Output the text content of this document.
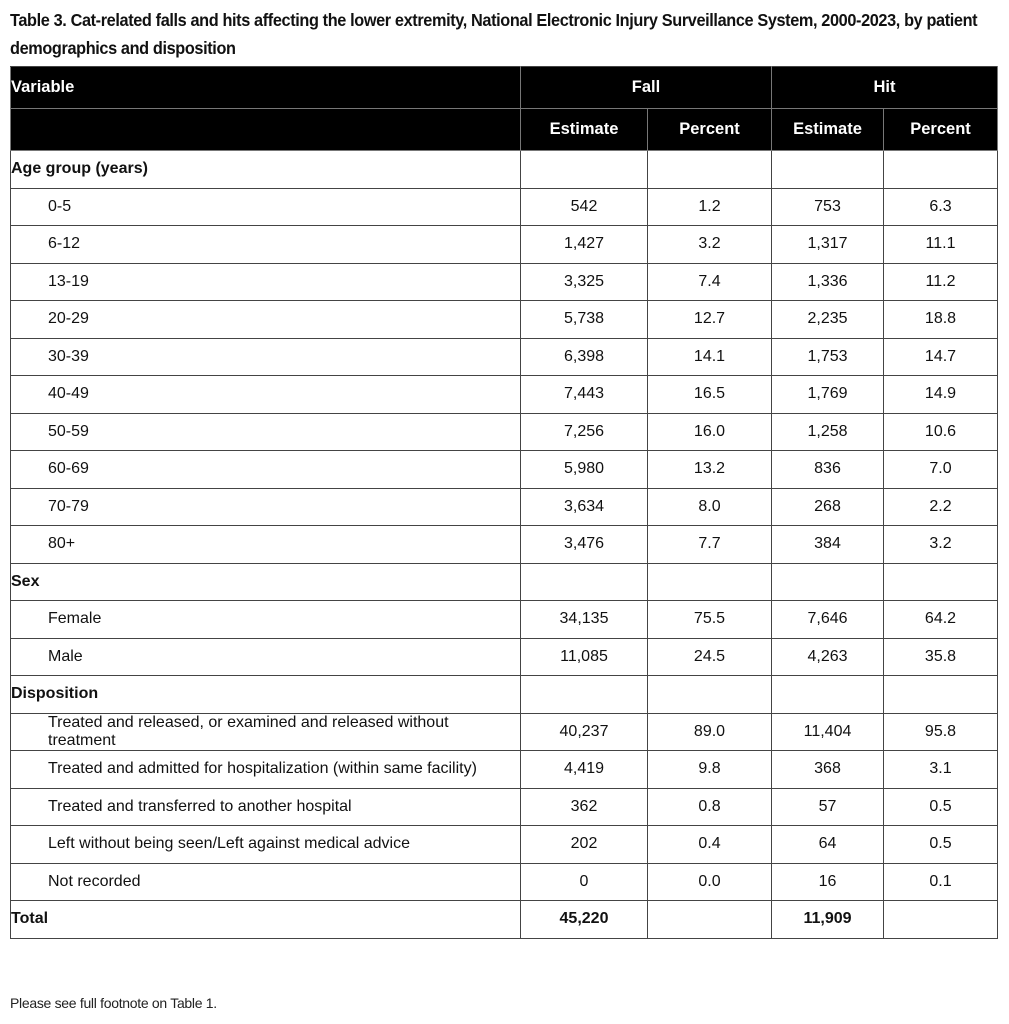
Table 3. Cat-related falls and hits affecting the lower extremity, National Electronic Injury Surveillance System, 2000-2023, by patient demographics and disposition
Variable	Fall		Hit	
	Estimate	Percent	Estimate	Percent
Age group (years)				
0-5	542	1.2	753	6.3
6-12	1,427	3.2	1,317	11.1
13-19	3,325	7.4	1,336	11.2
20-29	5,738	12.7	2,235	18.8
30-39	6,398	14.1	1,753	14.7
40-49	7,443	16.5	1,769	14.9
50-59	7,256	16.0	1,258	10.6
60-69	5,980	13.2	836	7.0
70-79	3,634	8.0	268	2.2
80+	3,476	7.7	384	3.2
Sex				
Female	34,135	75.5	7,646	64.2
Male	11,085	24.5	4,263	35.8
Disposition				
Treated and released, or examined and released without treatment	40,237	89.0	11,404	95.8
Treated and admitted for hospitalization (within same facility)	4,419	9.8	368	3.1
Treated and transferred to another hospital	362	0.8	57	0.5
Left without being seen/Left against medical advice	202	0.4	64	0.5
Not recorded	0	0.0	16	0.1
Total	45,220		11,909	
Please see full footnote on Table 1.
